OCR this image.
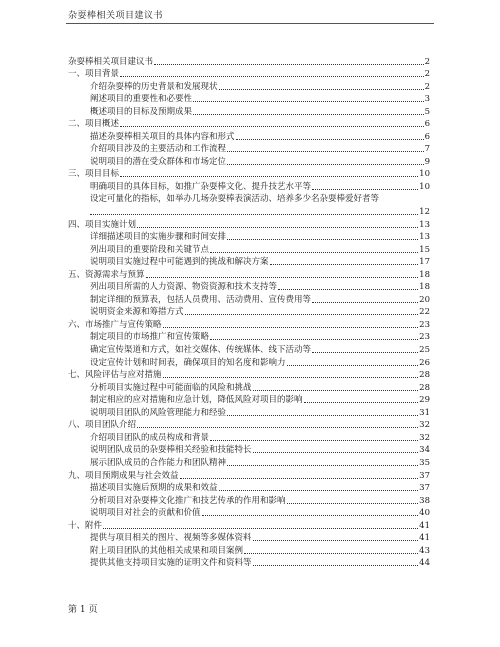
杂耍棒相关项目建议书
杂耍棒相关项目建议书	2
一、项目背景	2
介绍杂耍棒的历史背景和发展现状	2
阐述项目的重要性和必要性	3
概述项目的目标及预期成果	5
二、项目概述	6
描述杂耍棒相关项目的具体内容和形式	6
介绍项目涉及的主要活动和工作流程	7
说明项目的潜在受众群体和市场定位	9
三、项目目标	10
明确项目的具体目标，如推广杂耍棒文化、提升技艺水平等	10
设定可量化的指标，如举办几场杂耍棒表演活动、培养多少名杂耍棒爱好者等
12
四、项目实施计划	13
详细描述项目的实施步骤和时间安排	13
列出项目的重要阶段和关键节点	15
说明项目实施过程中可能遇到的挑战和解决方案	17
五、资源需求与预算	18
列出项目所需的人力资源、物资资源和技术支持等	18
制定详细的预算表，包括人员费用、活动费用、宣传费用等	20
说明资金来源和筹措方式	22
六、市场推广与宣传策略	23
制定项目的市场推广和宣传策略	23
确定宣传渠道和方式，如社交媒体、传统媒体、线下活动等	25
设定宣传计划和时间表，确保项目的知名度和影响力	26
七、风险评估与应对措施	28
分析项目实施过程中可能面临的风险和挑战	28
制定相应的应对措施和应急计划，降低风险对项目的影响	29
说明项目团队的风险管理能力和经验	31
八、项目团队介绍	32
介绍项目团队的成员构成和背景	32
说明团队成员的杂耍棒相关经验和技能特长	34
展示团队成员的合作能力和团队精神	35
九、项目预期成果与社会效益	37
描述项目实施后预期的成果和效益	37
分析项目对杂耍棒文化推广和技艺传承的作用和影响	38
说明项目对社会的贡献和价值	40
十、附件	41
提供与项目相关的图片、视频等多媒体资料	41
附上项目团队的其他相关成果和项目案例	43
提供其他支持项目实施的证明文件和资料等	44
第 1 页
